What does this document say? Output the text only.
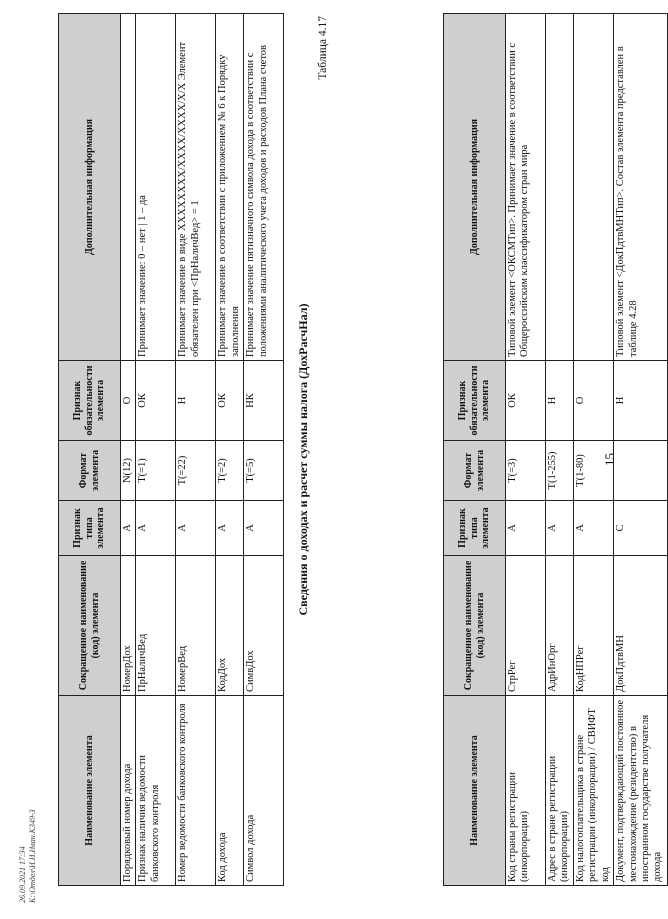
15
Наименование элемента	Сокращенное наименование (код) элемента	Признак типа элемента	Формат элемента	Признак обязательности элемента	Дополнительная информация
Код страны регистрации (инкорпорации)	СтрРег	А	T(=3)	ОК	Типовой элемент <ОКСМТип>. Принимает значение в соответствии с Общероссийским классификатором стран мира
Адрес в стране регистрации (инкорпорации)	АдрИнОрг	А	T(1-255)	Н	
Код налогоплательщика в стране регистрации (инкорпорации) / СВИФТ код	КодНПРег	А	T(1-80)	О	
Документ, подтверждающий постоянное местонахождение (резидентство) в иностранном государстве получателя дохода	ДокПдтвМН	С		Н	Типовой элемент <ДокПдтвМНТип>. Состав элемента представлен в таблице 4.28
Таблица 4.17
Сведения о доходах и расчет суммы налога (ДохРасчНал)
Наименование элемента	Сокращенное наименование (код) элемента	Признак типа элемента	Формат элемента	Признак обязательности элемента	Дополнительная информация
Порядковый номер дохода	НомерДох	А	N(12)	О	
Признак наличия ведомости банковского контроля	ПрНаличВед	А	T(=1)	ОК	Принимает значение: 0 – нет | 1 – да
Номер ведомости банковского контроля	НомерВед	А	T(=22)	Н	Принимает значение в виде XXXXXXXX/XXXX/XXXX/X/X Элемент обязателен при <ПрНаличВед> = 1
Код дохода	КодДох	А	T(=2)	ОК	Принимает значение в соответствии с приложением № 6 к Порядку заполнения
Символ дохода	СимвДох	А	T(=5)	НК	Принимает значение пятизначного символа дохода в соответствии с положениями аналитического учета доходов и расходов Плана счетов
26.09.2021 17:34 К:\Отдел\И.И.Иван.КЗ49-3
